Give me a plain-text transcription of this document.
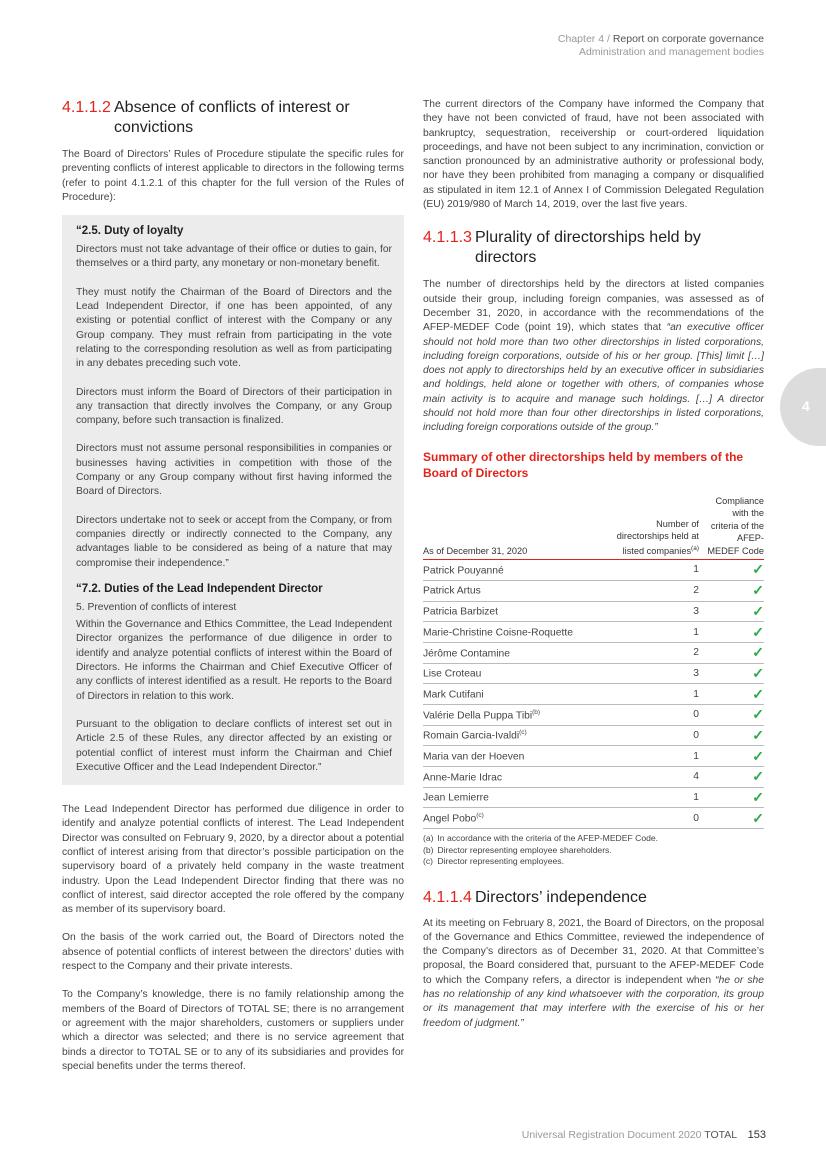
Chapter 4 / Report on corporate governance
Administration and management bodies
4.1.1.2 Absence of conflicts of interest or convictions

The Board of Directors’ Rules of Procedure stipulate the specific rules for preventing conflicts of interest applicable to directors in the following terms (refer to point 4.1.2.1 of this chapter for the full version of the Rules of Procedure):

“2.5. Duty of loyalty

Directors must not take advantage of their office or duties to gain, for themselves or a third party, any monetary or non-monetary benefit.

They must notify the Chairman of the Board of Directors and the Lead Independent Director, if one has been appointed, of any existing or potential conflict of interest with the Company or any Group company. They must refrain from participating in the vote relating to the corresponding resolution as well as from participating in any debates preceding such vote.

Directors must inform the Board of Directors of their participation in any transaction that directly involves the Company, or any Group company, before such transaction is finalized.

Directors must not assume personal responsibilities in companies or businesses having activities in competition with those of the Company or any Group company without first having informed the Board of Directors.

Directors undertake not to seek or accept from the Company, or from companies directly or indirectly connected to the Company, any advantages liable to be considered as being of a nature that may compromise their independence.”

“7.2. Duties of the Lead Independent Director

5. Prevention of conflicts of interest

Within the Governance and Ethics Committee, the Lead Independent Director organizes the performance of due diligence in order to identify and analyze potential conflicts of interest within the Board of Directors. He informs the Chairman and Chief Executive Officer of any conflicts of interest identified as a result. He reports to the Board of Directors in relation to this work.

Pursuant to the obligation to declare conflicts of interest set out in Article 2.5 of these Rules, any director affected by an existing or potential conflict of interest must inform the Chairman and Chief Executive Officer and the Lead Independent Director.”

The Lead Independent Director has performed due diligence in order to identify and analyze potential conflicts of interest. The Lead Independent Director was consulted on February 9, 2020, by a director about a potential conflict of interest arising from that director’s possible participation on the supervisory board of a privately held company in the waste treatment industry. Upon the Lead Independent Director finding that there was no conflict of interest, said director accepted the role offered by the company as member of its supervisory board.

On the basis of the work carried out, the Board of Directors noted the absence of potential conflicts of interest between the directors’ duties with respect to the Company and their private interests.

To the Company’s knowledge, there is no family relationship among the members of the Board of Directors of TOTAL SE; there is no arrangement or agreement with the major shareholders, customers or suppliers under which a director was selected; and there is no service agreement that binds a director to TOTAL SE or to any of its subsidiaries and provides for special benefits under the terms thereof.

The current directors of the Company have informed the Company that they have not been convicted of fraud, have not been associated with bankruptcy, sequestration, receivership or court-ordered liquidation proceedings, and have not been subject to any incrimination, conviction or sanction pronounced by an administrative authority or professional body, nor have they been prohibited from managing a company or disqualified as stipulated in item 12.1 of Annex I of Commission Delegated Regulation (EU) 2019/980 of March 14, 2019, over the last five years.

4.1.1.3 Plurality of directorships held by directors

The number of directorships held by the directors at listed companies outside their group, including foreign companies, was assessed as of December 31, 2020, in accordance with the recommendations of the AFEP-MEDEF Code (point 19), which states that “an executive officer should not hold more than two other directorships in listed corporations, including foreign corporations, outside of his or her group. [This] limit […] does not apply to directorships held by an executive officer in subsidiaries and holdings, held alone or together with others, of companies whose main activity is to acquire and manage such holdings. […] A director should not hold more than four other directorships in listed corporations, including foreign corporations outside of the group.”

Summary of other directorships held by members of the Board of Directors

As of December 31, 2020	Number of directorships held at listed companies$^{(a)}$	Compliance with the criteria of the AFEP-MEDEF Code
Patrick Pouyanné	1	✓
Patrick Artus	2	✓
Patricia Barbizet	3	✓
Marie-Christine Coisne-Roquette	1	✓
Jérôme Contamine	2	✓
Lise Croteau	3	✓
Mark Cutifani	1	✓
Valérie Della Puppa Tibi$^{(b)}$	0	✓
Romain Garcia-Ivaldi$^{(c)}$	0	✓
Maria van der Hoeven	1	✓
Anne-Marie Idrac	4	✓
Jean Lemierre	1	✓
Angel Pobo$^{(c)}$	0	✓

(a) In accordance with the criteria of the AFEP-MEDEF Code.

(b) Director representing employee shareholders.

(c) Director representing employees.

4.1.1.4 Directors’ independence

At its meeting on February 8, 2021, the Board of Directors, on the proposal of the Governance and Ethics Committee, reviewed the independence of the Company’s directors as of December 31, 2020. At that Committee’s proposal, the Board considered that, pursuant to the AFEP-MEDEF Code to which the Company refers, a director is independent when “he or she has no relationship of any kind whatsoever with the corporation, its group or its management that may interfere with the exercise of his or her freedom of judgment.”

4
Universal Registration Document 2020 TOTAL 153
